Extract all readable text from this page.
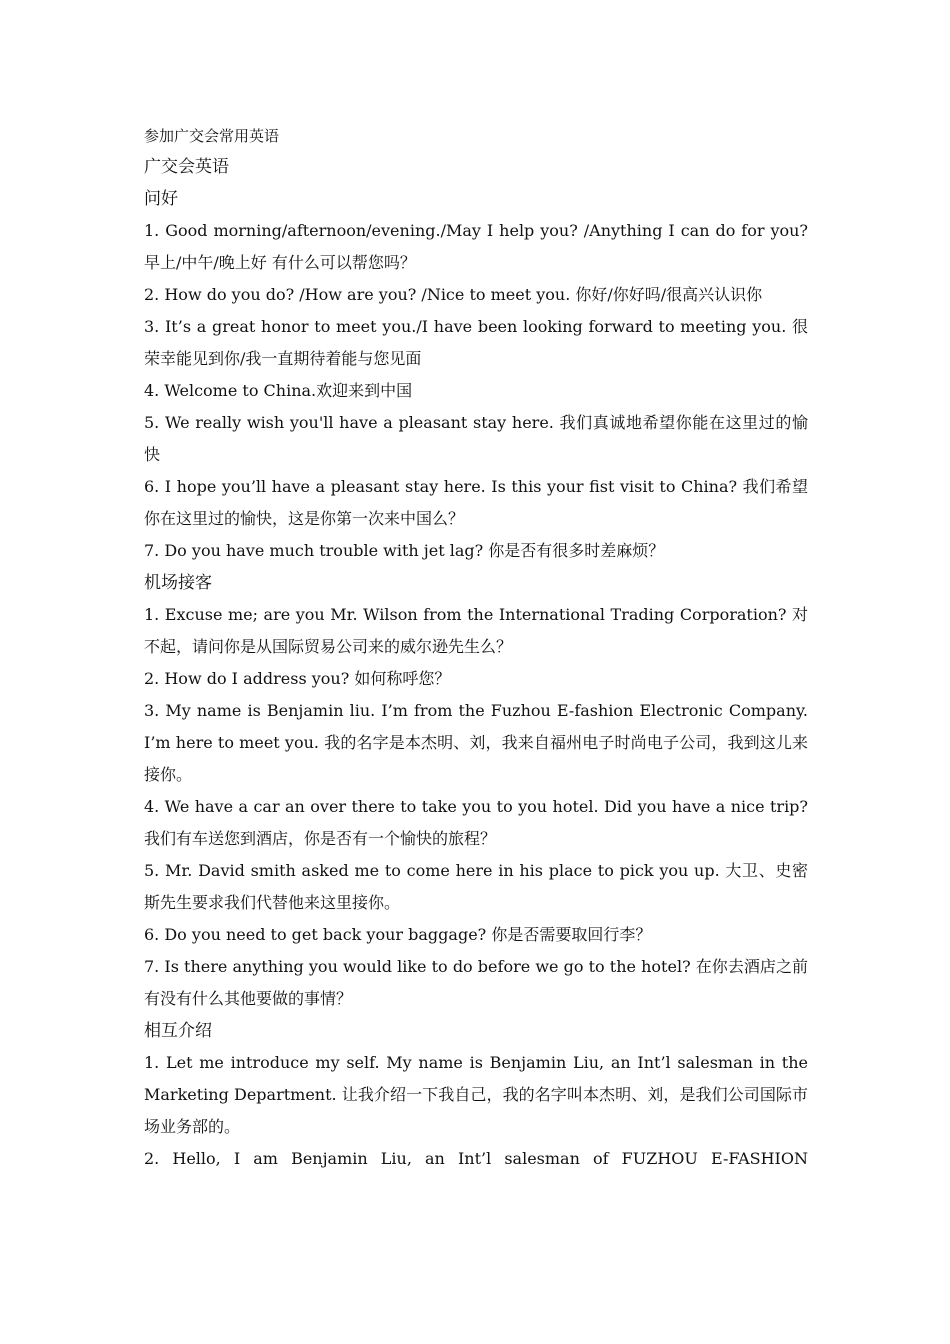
参加广交会常用英语

广交会英语

问好

1. Good morning/afternoon/evening./May I help you? /Anything I can do for you? 早上/中午/晚上好 有什么可以帮您吗？

2. How do you do? /How are you? /Nice to meet you. 你好/你好吗/很高兴认识你

3. It’s a great honor to meet you./I have been looking forward to meeting you. 很荣幸能见到你/我一直期待着能与您见面

4. Welcome to China.欢迎来到中国

5. We really wish you'll have a pleasant stay here. 我们真诚地希望你能在这里过的愉快

6. I hope you’ll have a pleasant stay here. Is this your fist visit to China? 我们希望你在这里过的愉快，这是你第一次来中国么？

7. Do you have much trouble with jet lag? 你是否有很多时差麻烦？

机场接客

1. Excuse me; are you Mr. Wilson from the International Trading Corporation? 对不起，请问你是从国际贸易公司来的威尔逊先生么？

2. How do I address you? 如何称呼您？

3. My name is Benjamin liu. I’m from the Fuzhou E-fashion Electronic Company. I’m here to meet you. 我的名字是本杰明、刘，我来自福州电子时尚电子公司，我到这儿来接你。

4. We have a car an over there to take you to you hotel. Did you have a nice trip? 我们有车送您到酒店，你是否有一个愉快的旅程？

5. Mr. David smith asked me to come here in his place to pick you up. 大卫、史密斯先生要求我们代替他来这里接你。

6. Do you need to get back your baggage? 你是否需要取回行李？

7. Is there anything you would like to do before we go to the hotel? 在你去酒店之前有没有什么其他要做的事情？

相互介绍

1. Let me introduce my self. My name is Benjamin Liu, an Int’l salesman in the Marketing Department. 让我介绍一下我自己，我的名字叫本杰明、刘，是我们公司国际市场业务部的。

2. Hello, I am Benjamin Liu, an Int’l salesman of FUZHOU E-FASHION
